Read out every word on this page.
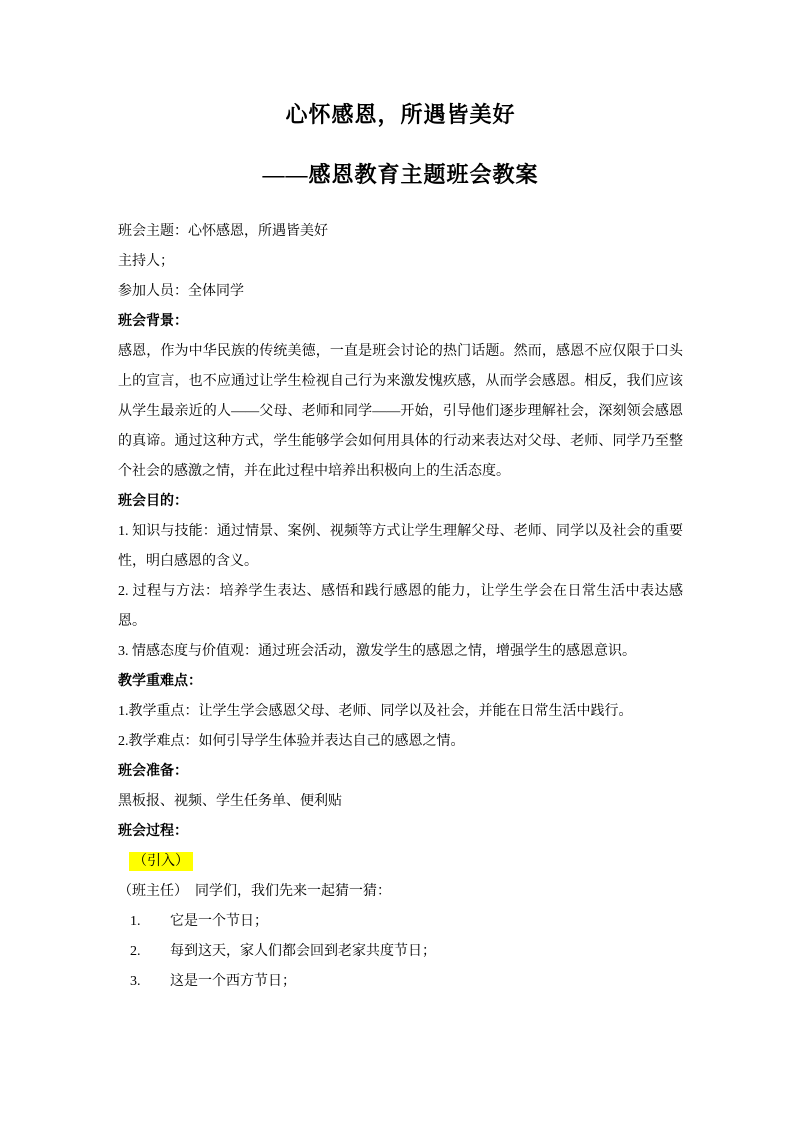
心怀感恩，所遇皆美好
——感恩教育主题班会教案

班会主题：心怀感恩，所遇皆美好

主持人；

参加人员：全体同学

班会背景：

感恩，作为中华民族的传统美德，一直是班会讨论的热门话题。然而，感恩不应仅限于口头上的宣言，也不应通过让学生检视自己行为来激发愧疚感，从而学会感恩。相反，我们应该从学生最亲近的人——父母、老师和同学——开始，引导他们逐步理解社会，深刻领会感恩的真谛。通过这种方式，学生能够学会如何用具体的行动来表达对父母、老师、同学乃至整个社会的感激之情，并在此过程中培养出积极向上的生活态度。

班会目的：

1. 知识与技能：通过情景、案例、视频等方式让学生理解父母、老师、同学以及社会的重要性，明白感恩的含义。

2. 过程与方法：培养学生表达、感悟和践行感恩的能力，让学生学会在日常生活中表达感恩。

3. 情感态度与价值观：通过班会活动，激发学生的感恩之情，增强学生的感恩意识。

教学重难点：

1.教学重点：让学生学会感恩父母、老师、同学以及社会，并能在日常生活中践行。

2.教学难点：如何引导学生体验并表达自己的感恩之情。

班会准备：

黑板报、视频、学生任务单、便利贴

班会过程：

（引入）

（班主任）　同学们，我们先来一起猜一猜：

1.	它是一个节日；

2.	每到这天，家人们都会回到老家共度节日；

3.	这是一个西方节日；
